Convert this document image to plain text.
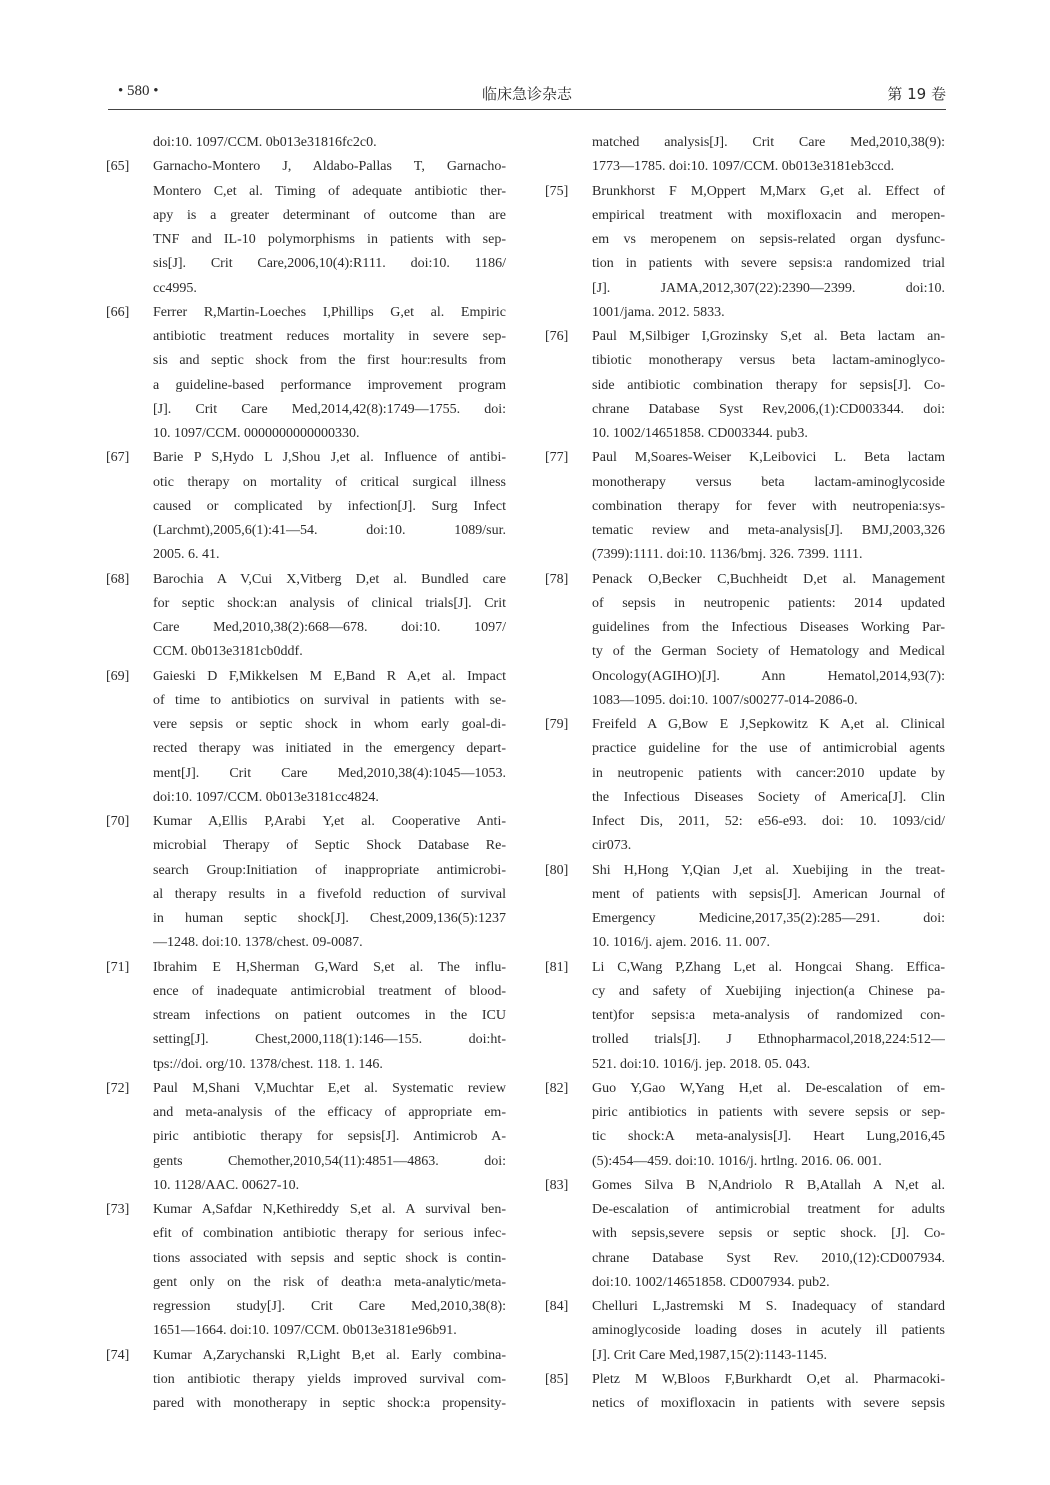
• 580 •	临床急诊杂志	第 19 卷
doi:10. 1097/CCM. 0b013e31816fc2c0.
[65] Garnacho-Montero J, Aldabo-Pallas T, Garnacho-
Montero C,et al. Timing of adequate antibiotic ther-
apy is a greater determinant of outcome than are
TNF and IL-10 polymorphisms in patients with sep-
sis[J]. Crit Care,2006,10(4):R111. doi:10. 1186/
cc4995.
[66] Ferrer R,Martin-Loeches I,Phillips G,et al. Empiric
antibiotic treatment reduces mortality in severe sep-
sis and septic shock from the first hour:results from
a guideline-based performance improvement program
[J]. Crit Care Med,2014,42(8):1749—1755. doi:
10. 1097/CCM. 0000000000000330.
[67] Barie P S,Hydo L J,Shou J,et al. Influence of antibi-
otic therapy on mortality of critical surgical illness
caused or complicated by infection[J]. Surg Infect
(Larchmt),2005,6(1):41—54. doi:10. 1089/sur.
2005. 6. 41.
[68] Barochia A V,Cui X,Vitberg D,et al. Bundled care
for septic shock:an analysis of clinical trials[J]. Crit
Care Med,2010,38(2):668—678. doi:10. 1097/
CCM. 0b013e3181cb0ddf.
[69] Gaieski D F,Mikkelsen M E,Band R A,et al. Impact
of time to antibiotics on survival in patients with se-
vere sepsis or septic shock in whom early goal-di-
rected therapy was initiated in the emergency depart-
ment[J]. Crit Care Med,2010,38(4):1045—1053.
doi:10. 1097/CCM. 0b013e3181cc4824.
[70] Kumar A,Ellis P,Arabi Y,et al. Cooperative Anti-
microbial Therapy of Septic Shock Database Re-
search Group:Initiation of inappropriate antimicrobi-
al therapy results in a fivefold reduction of survival
in human septic shock[J]. Chest,2009,136(5):1237
—1248. doi:10. 1378/chest. 09-0087.
[71] Ibrahim E H,Sherman G,Ward S,et al. The influ-
ence of inadequate antimicrobial treatment of blood-
stream infections on patient outcomes in the ICU
setting[J]. Chest,2000,118(1):146—155. doi:ht-
tps://doi. org/10. 1378/chest. 118. 1. 146.
[72] Paul M,Shani V,Muchtar E,et al. Systematic review
and meta-analysis of the efficacy of appropriate em-
piric antibiotic therapy for sepsis[J]. Antimicrob A-
gents Chemother,2010,54(11):4851—4863. doi:
10. 1128/AAC. 00627-10.
[73] Kumar A,Safdar N,Kethireddy S,et al. A survival ben-
efit of combination antibiotic therapy for serious infec-
tions associated with sepsis and septic shock is contin-
gent only on the risk of death:a meta-analytic/meta-
regression study[J]. Crit Care Med,2010,38(8):
1651—1664. doi:10. 1097/CCM. 0b013e3181e96b91.
[74] Kumar A,Zarychanski R,Light B,et al. Early combina-
tion antibiotic therapy yields improved survival com-
pared with monotherapy in septic shock:a propensity-
matched analysis[J]. Crit Care Med,2010,38(9):
1773—1785. doi:10. 1097/CCM. 0b013e3181eb3ccd.
[75] Brunkhorst F M,Oppert M,Marx G,et al. Effect of
empirical treatment with moxifloxacin and meropen-
em vs meropenem on sepsis-related organ dysfunc-
tion in patients with severe sepsis:a randomized trial
[J]. JAMA,2012,307(22):2390—2399. doi:10.
1001/jama. 2012. 5833.
[76] Paul M,Silbiger I,Grozinsky S,et al. Beta lactam an-
tibiotic monotherapy versus beta lactam-aminoglyco-
side antibiotic combination therapy for sepsis[J]. Co-
chrane Database Syst Rev,2006,(1):CD003344. doi:
10. 1002/14651858. CD003344. pub3.
[77] Paul M,Soares-Weiser K,Leibovici L. Beta lactam
monotherapy versus beta lactam-aminoglycoside
combination therapy for fever with neutropenia:sys-
tematic review and meta-analysis[J]. BMJ,2003,326
(7399):1111. doi:10. 1136/bmj. 326. 7399. 1111.
[78] Penack O,Becker C,Buchheidt D,et al. Management
of sepsis in neutropenic patients: 2014 updated
guidelines from the Infectious Diseases Working Par-
ty of the German Society of Hematology and Medical
Oncology(AGIHO)[J]. Ann Hematol,2014,93(7):
1083—1095. doi:10. 1007/s00277-014-2086-0.
[79] Freifeld A G,Bow E J,Sepkowitz K A,et al. Clinical
practice guideline for the use of antimicrobial agents
in neutropenic patients with cancer:2010 update by
the Infectious Diseases Society of America[J]. Clin
Infect Dis, 2011, 52: e56-e93. doi: 10. 1093/cid/
cir073.
[80] Shi H,Hong Y,Qian J,et al. Xuebijing in the treat-
ment of patients with sepsis[J]. American Journal of
Emergency Medicine,2017,35(2):285—291. doi:
10. 1016/j. ajem. 2016. 11. 007.
[81] Li C,Wang P,Zhang L,et al. Hongcai Shang. Effica-
cy and safety of Xuebijing injection(a Chinese pa-
tent)for sepsis:a meta-analysis of randomized con-
trolled trials[J]. J Ethnopharmacol,2018,224:512—
521. doi:10. 1016/j. jep. 2018. 05. 043.
[82] Guo Y,Gao W,Yang H,et al. De-escalation of em-
piric antibiotics in patients with severe sepsis or sep-
tic shock:A meta-analysis[J]. Heart Lung,2016,45
(5):454—459. doi:10. 1016/j. hrtlng. 2016. 06. 001.
[83] Gomes Silva B N,Andriolo R B,Atallah A N,et al.
De-escalation of antimicrobial treatment for adults
with sepsis,severe sepsis or septic shock. [J]. Co-
chrane Database Syst Rev. 2010,(12):CD007934.
doi:10. 1002/14651858. CD007934. pub2.
[84] Chelluri L,Jastremski M S. Inadequacy of standard
aminoglycoside loading doses in acutely ill patients
[J]. Crit Care Med,1987,15(2):1143-1145.
[85] Pletz M W,Bloos F,Burkhardt O,et al. Pharmacoki-
netics of moxifloxacin in patients with severe sepsis
